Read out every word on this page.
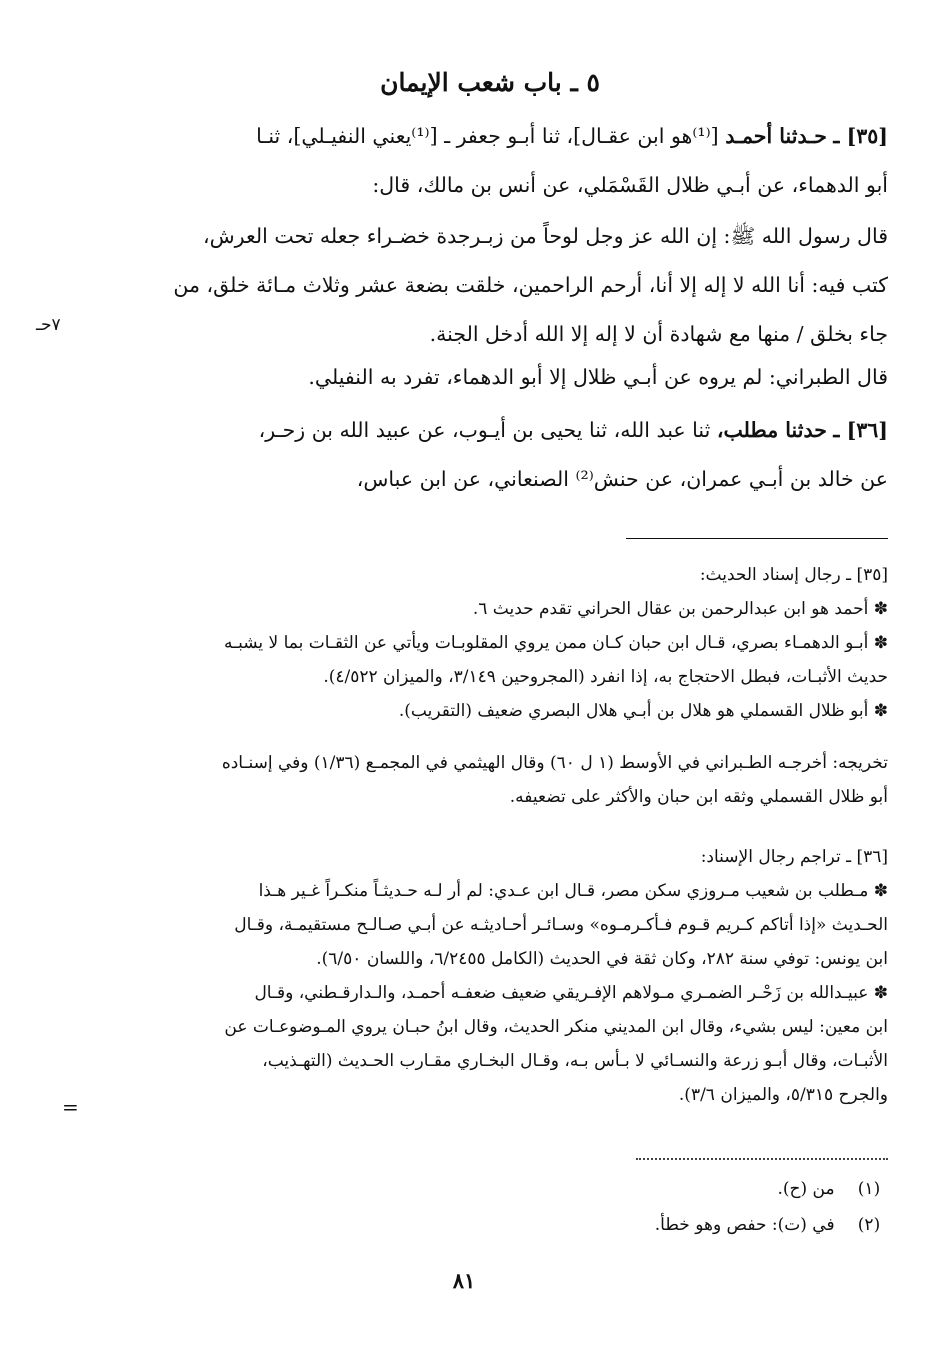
٥ ـ باب شعب الإيمان
[٣٥] ـ حـدثنا أحمـد [⁽¹⁾هو ابن عقـال]، ثنا أبـو جعفر ـ [⁽¹⁾يعني النفيـلي]، ثنـا
أبو الدهماء، عن أبـي ظلال القَسْمَلي، عن أنس بن مالك، قال:
قال رسول الله ﷺ: إن الله عز وجل لوحاً من زبـرجدة خضـراء جعله تحت العرش،
كتب فيه: أنا الله لا إله إلا أنا، أرحم الراحمين، خلقت بضعة عشر وثلاث مـائة خلق، من
جاء بخلق / منها مع شهادة أن لا إله إلا الله أدخل الجنة.
قال الطبراني: لم يروه عن أبـي ظلال إلا أبو الدهماء، تفرد به النفيلي.
٧حـ
[٣٦] ـ حدثنا مطلب، ثنا عبد الله، ثنا يحيى بن أيـوب، عن عبيد الله بن زحـر،
عن خالد بن أبـي عمران، عن حنش⁽²⁾ الصنعاني، عن ابن عباس،
[٣٥] ـ رجال إسناد الحديث:
✽ أحمد هو ابن عبدالرحمن بن عقال الحراني تقدم حديث ٦.
✽ أبـو الدهمـاء بصري، قـال ابن حبان كـان ممن يروي المقلوبـات ويأتي عن الثقـات بما لا يشبـه
حديث الأثبـات، فبطل الاحتجاج به، إذا انفرد (المجروحين ٣/١٤٩، والميزان ٤/٥٢٢).
✽ أبو ظلال القسملي هو هلال بن أبـي هلال البصري ضعيف (التقريب).
تخريجه: أخرجـه الطـبراني في الأوسط (١ ل ٦٠) وقال الهيثمي في المجمـع (١/٣٦) وفي إسنـاده
أبو ظلال القسملي وثقه ابن حبان والأكثر على تضعيفه.
[٣٦] ـ تراجم رجال الإسناد:
✽ مـطلب بن شعيب مـروزي سكن مصر، قـال ابن عـدي: لم أر لـه حـديثـاً منكـراً غـير هـذا
الحـديث «إذا أتاكم كـريم قـوم فـأكـرمـوه» وسـائـر أحـاديثـه عن أبـي صـالـح مستقيمـة، وقـال
ابن يونس: توفي سنة ٢٨٢، وكان ثقة في الحديث (الكامل ٦/٢٤٥٥، واللسان ٦/٥٠).
✽ عبيـدالله بن زَحْـر الضمـري مـولاهم الإفـريقي ضعيف ضعفـه أحمـد، والـدارقـطني، وقـال
ابن معين: ليس بشيء، وقال ابن المديني منكر الحديث، وقال ابنُ حبـان يروي المـوضوعـات عن
الأثبـات، وقال أبـو زرعة والنسـائي لا بـأس بـه، وقـال البخـاري مقـارب الحـديث (التهـذيب،
والجرح ٥/٣١٥، والميزان ٣/٦).
=
(١) من (ح).
(٢) في (ت): حفص وهو خطأ.
٨١
